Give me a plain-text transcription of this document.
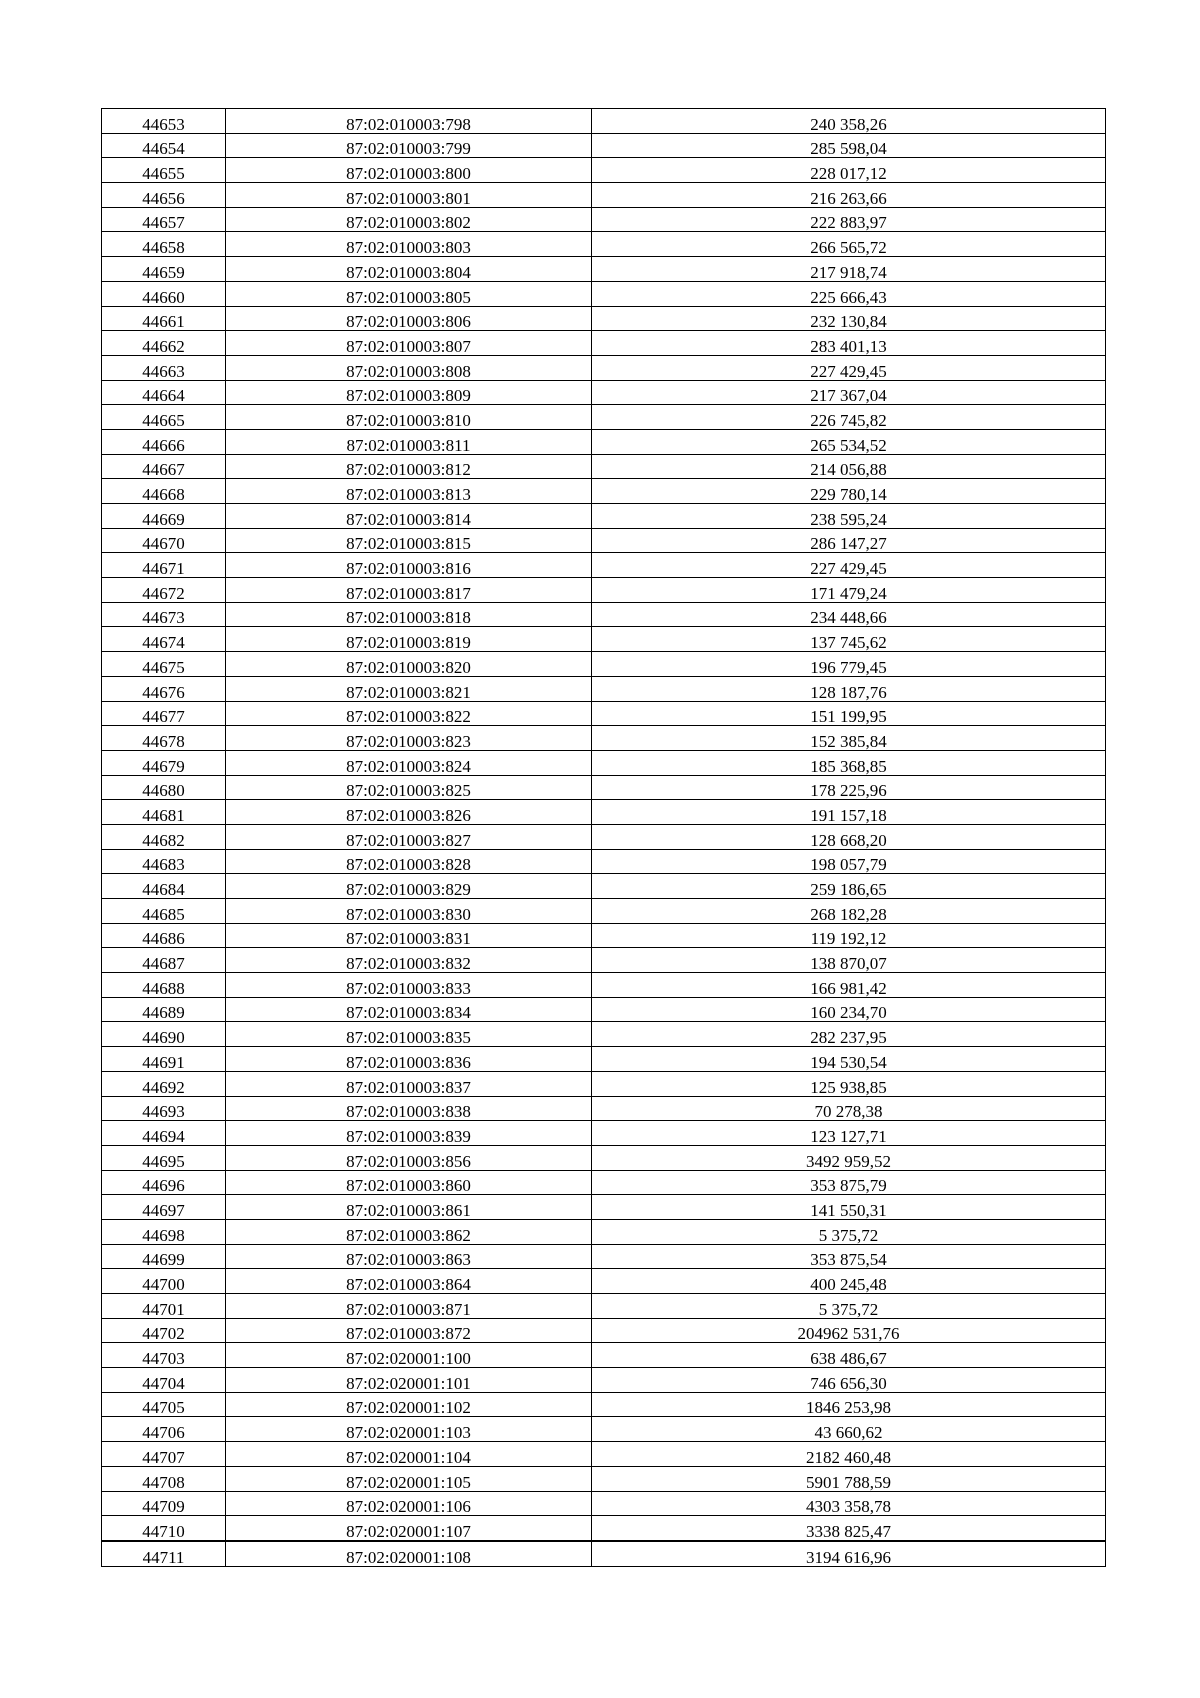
44653	87:02:010003:798	240 358,26
44654	87:02:010003:799	285 598,04
44655	87:02:010003:800	228 017,12
44656	87:02:010003:801	216 263,66
44657	87:02:010003:802	222 883,97
44658	87:02:010003:803	266 565,72
44659	87:02:010003:804	217 918,74
44660	87:02:010003:805	225 666,43
44661	87:02:010003:806	232 130,84
44662	87:02:010003:807	283 401,13
44663	87:02:010003:808	227 429,45
44664	87:02:010003:809	217 367,04
44665	87:02:010003:810	226 745,82
44666	87:02:010003:811	265 534,52
44667	87:02:010003:812	214 056,88
44668	87:02:010003:813	229 780,14
44669	87:02:010003:814	238 595,24
44670	87:02:010003:815	286 147,27
44671	87:02:010003:816	227 429,45
44672	87:02:010003:817	171 479,24
44673	87:02:010003:818	234 448,66
44674	87:02:010003:819	137 745,62
44675	87:02:010003:820	196 779,45
44676	87:02:010003:821	128 187,76
44677	87:02:010003:822	151 199,95
44678	87:02:010003:823	152 385,84
44679	87:02:010003:824	185 368,85
44680	87:02:010003:825	178 225,96
44681	87:02:010003:826	191 157,18
44682	87:02:010003:827	128 668,20
44683	87:02:010003:828	198 057,79
44684	87:02:010003:829	259 186,65
44685	87:02:010003:830	268 182,28
44686	87:02:010003:831	119 192,12
44687	87:02:010003:832	138 870,07
44688	87:02:010003:833	166 981,42
44689	87:02:010003:834	160 234,70
44690	87:02:010003:835	282 237,95
44691	87:02:010003:836	194 530,54
44692	87:02:010003:837	125 938,85
44693	87:02:010003:838	70 278,38
44694	87:02:010003:839	123 127,71
44695	87:02:010003:856	3492 959,52
44696	87:02:010003:860	353 875,79
44697	87:02:010003:861	141 550,31
44698	87:02:010003:862	5 375,72
44699	87:02:010003:863	353 875,54
44700	87:02:010003:864	400 245,48
44701	87:02:010003:871	5 375,72
44702	87:02:010003:872	204962 531,76
44703	87:02:020001:100	638 486,67
44704	87:02:020001:101	746 656,30
44705	87:02:020001:102	1846 253,98
44706	87:02:020001:103	43 660,62
44707	87:02:020001:104	2182 460,48
44708	87:02:020001:105	5901 788,59
44709	87:02:020001:106	4303 358,78
44710	87:02:020001:107	3338 825,47
44711	87:02:020001:108	3194 616,96
